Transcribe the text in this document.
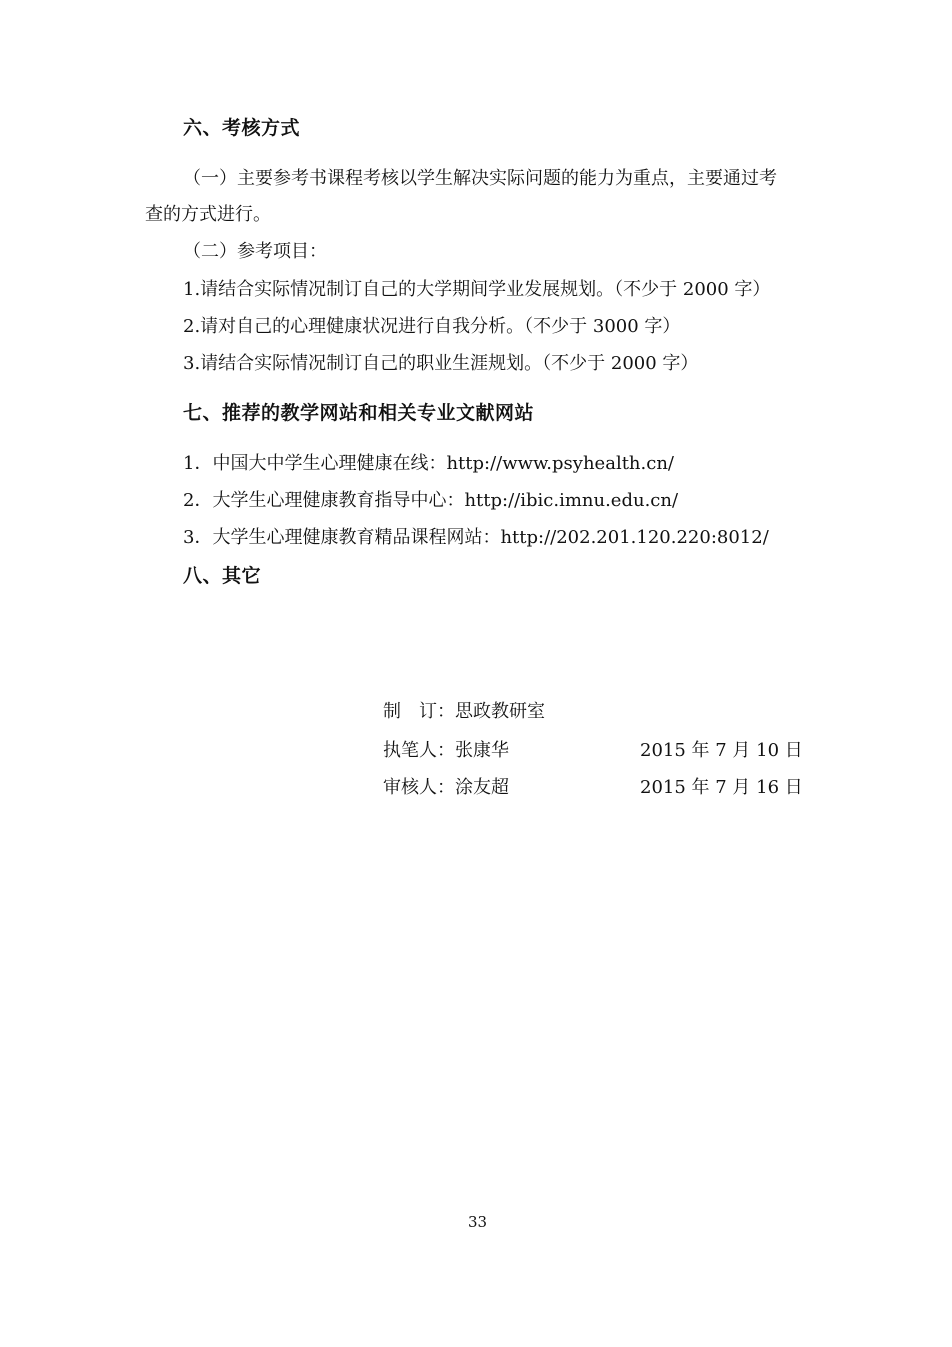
六、考核方式
（一）主要参考书课程考核以学生解决实际问题的能力为重点，主要通过考
查的方式进行。
（二）参考项目：
1.请结合实际情况制订自己的大学期间学业发展规划。（不少于 2000 字）
2.请对自己的心理健康状况进行自我分析。（不少于 3000 字）
3.请结合实际情况制订自己的职业生涯规划。（不少于 2000 字）
七、推荐的教学网站和相关专业文献网站
1．中国大中学生心理健康在线：http://www.psyhealth.cn/
2．大学生心理健康教育指导中心：http://ibic.imnu.edu.cn/
3．大学生心理健康教育精品课程网站：http://202.201.120.220:8012/
八、其它
制　订：思政教研室
执笔人：张康华	2015 年 7 月 10 日
审核人：涂友超	2015 年 7 月 16 日
33
